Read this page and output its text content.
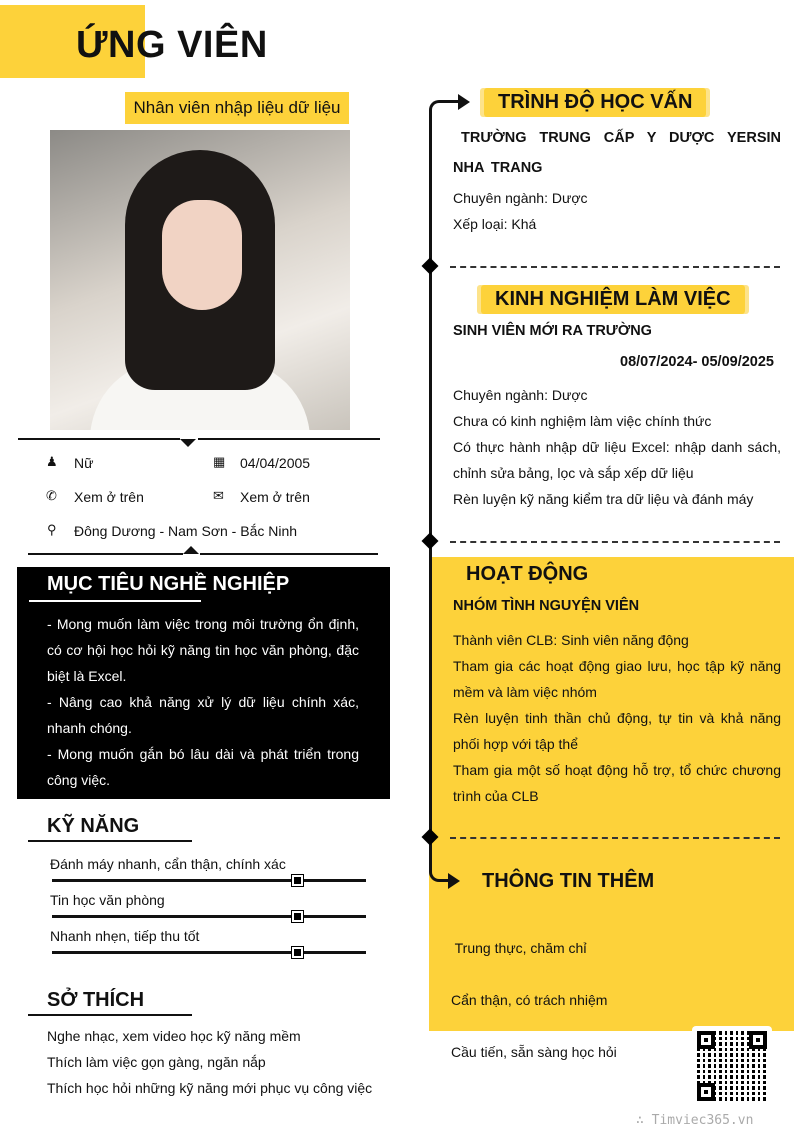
ỨNG VIÊN
Nhân viên nhập liệu dữ liệu
♟ Nữ	▦ 04/04/2005
✆ Xem ở trên	✉ Xem ở trên
⚲ Đông Dương - Nam Sơn - Bắc Ninh
MỤC TIÊU NGHỀ NGHIỆP

- Mong muốn làm việc trong môi trường ổn định, có cơ hội học hỏi kỹ năng tin học văn phòng, đặc biệt là Excel.
- Nâng cao khả năng xử lý dữ liệu chính xác, nhanh chóng.
- Mong muốn gắn bó lâu dài và phát triển trong công việc.

KỸ NĂNG
Đánh máy nhanh, cẩn thận, chính xác
Tin học văn phòng
Nhanh nhẹn, tiếp thu tốt
SỞ THÍCH
Nghe nhạc, xem video học kỹ năng mềm
Thích làm việc gọn gàng, ngăn nắp
Thích học hỏi những kỹ năng mới phục vụ công việc
TRÌNH ĐỘ HỌC VẤN
TRƯỜNG TRUNG CẤP Y DƯỢC YERSIN NHA TRANG
Chuyên ngành: Dược
Xếp loại: Khá
KINH NGHIỆM LÀM VIỆC
SINH VIÊN MỚI RA TRƯỜNG
08/07/2024- 05/09/2025
Chuyên ngành: Dược
Chưa có kinh nghiệm làm việc chính thức
Có thực hành nhập dữ liệu Excel: nhập danh sách, chỉnh sửa bảng, lọc và sắp xếp dữ liệu
Rèn luyện kỹ năng kiểm tra dữ liệu và đánh máy
HOẠT ĐỘNG
NHÓM TÌNH NGUYỆN VIÊN
Thành viên CLB: Sinh viên năng động
Tham gia các hoạt động giao lưu, học tập kỹ năng mềm và làm việc nhóm
Rèn luyện tinh thần chủ động, tự tin và khả năng phối hợp với tập thể
Tham gia một số hoạt động hỗ trợ, tổ chức chương trình của CLB
THÔNG TIN THÊM

Trung thực, chăm chỉ

Cẩn thận, có trách nhiệm

Cầu tiến, sẵn sàng học hỏi

∴ Timviec365.vn
